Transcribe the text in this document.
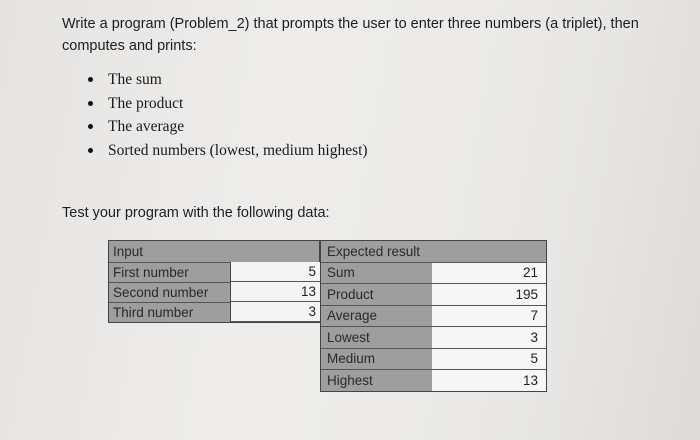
Write a program (Problem_2) that prompts the user to enter three numbers (a triplet), then computes and prints:
The sum
The product
The average
Sorted numbers (lowest, medium highest)
Test your program with the following data:
Input
First number
Second number
Third number
5
13
3
Expected result
Sum
Product
Average
Lowest
Medium
Highest
21
195
7
3
5
13
